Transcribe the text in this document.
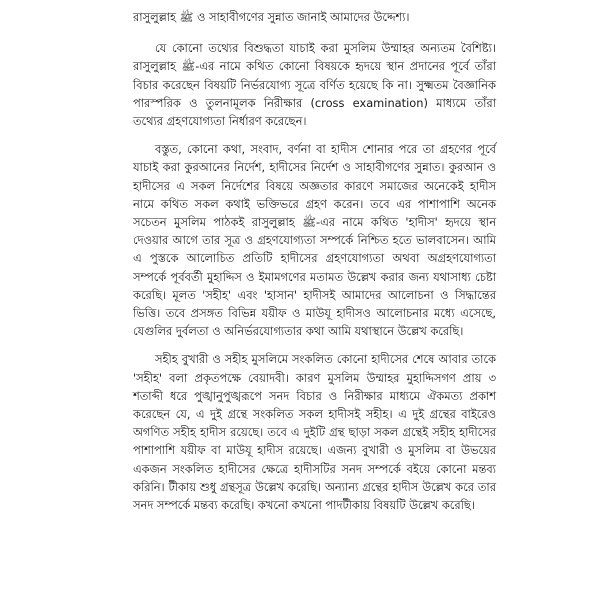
রাসুলুল্লাহ ﷺ ও সাহাবীগণের সুন্নাত জানাই আমাদের উদ্দেশ্য।

যে কোনো তথ্যের বিশুদ্ধতা যাচাই করা মুসলিম উম্মাহর অন্যতম বৈশিষ্ট্য। রাসুলুল্লাহ ﷺ-এর নামে কথিত কোনো বিষয়কে হৃদয়ে স্থান প্রদানের পূর্বে তাঁরা বিচার করেছেন বিষয়টি নির্ভরযোগ্য সূত্রে বর্ণিত হয়েছে কি না। সুক্ষ্মতম বৈজ্ঞানিক পারস্পরিক ও তুলনামূলক নিরীক্ষার (cross examination) মাধ্যমে তাঁরা তথ্যের গ্রহণযোগ্যতা নির্ধারণ করেছেন।

বস্তুত, কোনো কথা, সংবাদ, বর্ণনা বা হাদীস শোনার পরে তা গ্রহণের পূর্বে যাচাই করা কুরআনের নির্দেশ, হাদীসের নির্দেশ ও সাহাবীগণের সুন্নাত। কুরআন ও হাদীসের এ সকল নির্দেশের বিষয়ে অজ্ঞতার কারণে সমাজের অনেকেই হাদীস নামে কথিত সকল কথাই ভক্তিভরে গ্রহণ করেন। তবে এর পাশাপাশি অনেক সচেতন মুসলিম পাঠকই রাসুলুল্লাহ ﷺ-এর নামে কথিত 'হাদীস' হৃদয়ে স্থান দেওয়ার আগে তার সূত্র ও গ্রহণযোগ্যতা সম্পর্কে নিশ্চিত হতে ভালবাসেন। আমি এ পুস্তকে আলোচিত প্রতিটি হাদীসের গ্রহণযোগ্যতা অথবা অগ্রহণযোগ্যতা সম্পর্কে পূর্ববর্তী মুহাদ্দিস ও ইমামগণের মতামত উল্লেখ করার জন্য যথাসাধ্য চেষ্টা করেছি। মূলত 'সহীহ' এবং 'হাসান' হাদীসই আমাদের আলোচনা ও সিদ্ধান্তের ভিত্তি। তবে প্রসঙ্গত বিভিন্ন যয়ীফ ও মাউযূ হাদীসও আলোচনার মধ্যে এসেছে, যেগুলির দুর্বলতা ও অনির্ভরযোগ্যতার কথা আমি যথাস্থানে উল্লেখ করেছি।

সহীহ বুখারী ও সহীহ মুসলিমে সংকলিত কোনো হাদীসের শেষে আবার তাকে 'সহীহ' বলা প্রকৃতপক্ষে বেয়াদবী। কারণ মুসলিম উম্মাহর মুহাদ্দিসগণ প্রায় ৩ শতাব্দী ধরে পুঙ্খানুপুঙ্খরূপে সনদ বিচার ও নিরীক্ষার মাধ্যমে ঐকমত্য প্রকাশ করেছেন যে, এ দুই গ্রন্থে সংকলিত সকল হাদীসই সহীহ। এ দুই গ্রন্থের বাইরেও অগণিত সহীহ হাদীস রয়েছে। তবে এ দুইটি গ্রন্থ ছাড়া সকল গ্রন্থেই সহীহ হাদীসের পাশাপাশি যয়ীফ বা মাউযূ হাদীস রয়েছে। এজন্য বুখারী ও মুসলিম বা উভয়ের একজন সংকলিত হাদীসের ক্ষেত্রে হাদীসটির সনদ সম্পর্কে বইয়ে কোনো মন্তব্য করিনি। টীকায় শুধু গ্রন্থসূত্র উল্লেখ করেছি। অন্যান্য গ্রন্থের হাদীস উল্লেখ করে তার সনদ সম্পর্কে মন্তব্য করেছি। কখনো কখনো পাদটীকায় বিষয়টি উল্লেখ করেছি।
